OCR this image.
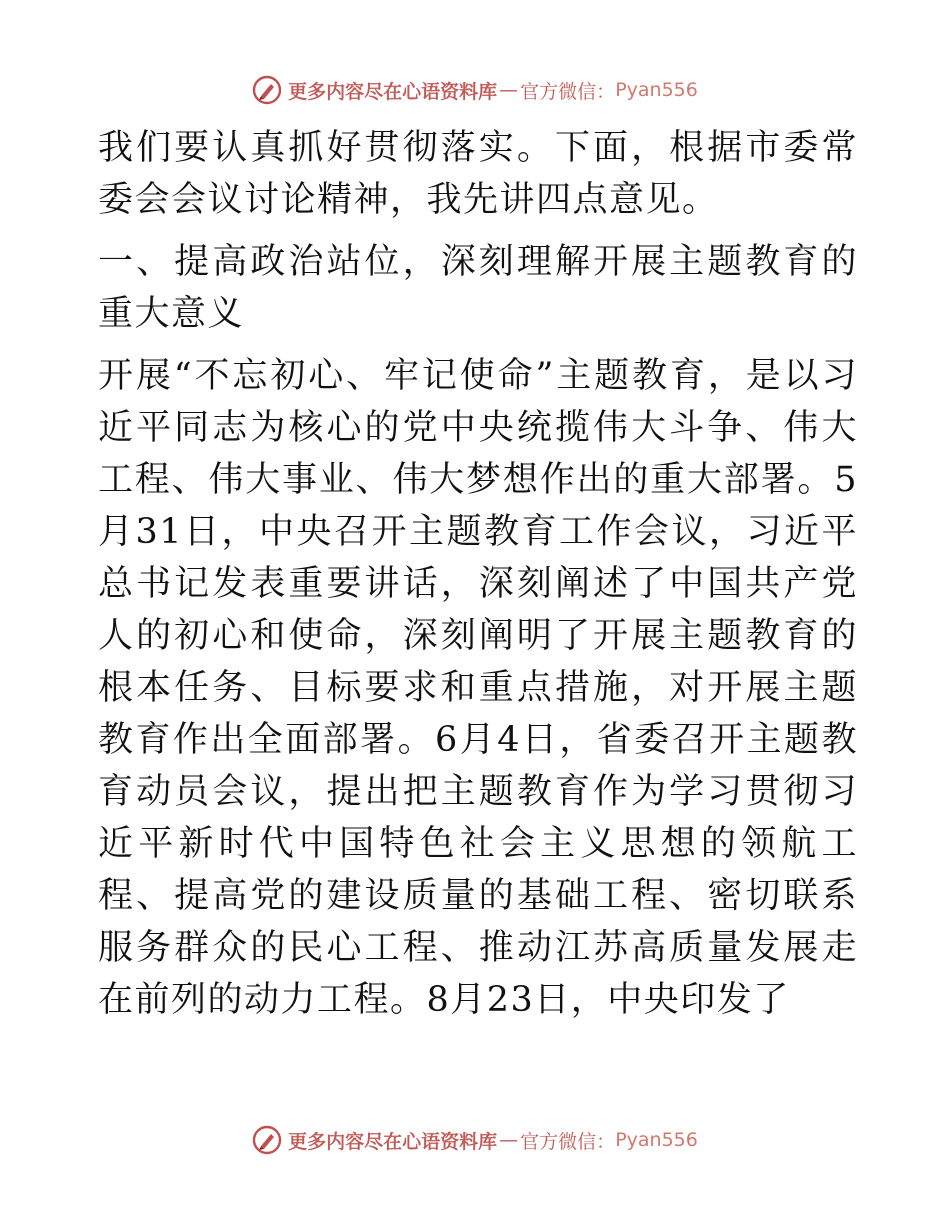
更多内容尽在心语资料库 — 官方微信： Pyan556

我们要认真抓好贯彻落实。下面，根据市委常委会会议讨论精神，我先讲四点意见。

一、提高政治站位，深刻理解开展主题教育的重大意义

开展“不忘初心、牢记使命”主题教育，是以习近平同志为核心的党中央统揽伟大斗争、伟大工程、伟大事业、伟大梦想作出的重大部署。5月31日，中央召开主题教育工作会议，习近平总书记发表重要讲话，深刻阐述了中国共产党人的初心和使命，深刻阐明了开展主题教育的根本任务、目标要求和重点措施，对开展主题教育作出全面部署。6月4日，省委召开主题教育动员会议，提出把主题教育作为学习贯彻习近平新时代中国特色社会主义思想的领航工程、提高党的建设质量的基础工程、密切联系服务群众的民心工程、推动江苏高质量发展走在前列的动力工程。8月23日，中央印发了

更多内容尽在心语资料库 — 官方微信： Pyan556
